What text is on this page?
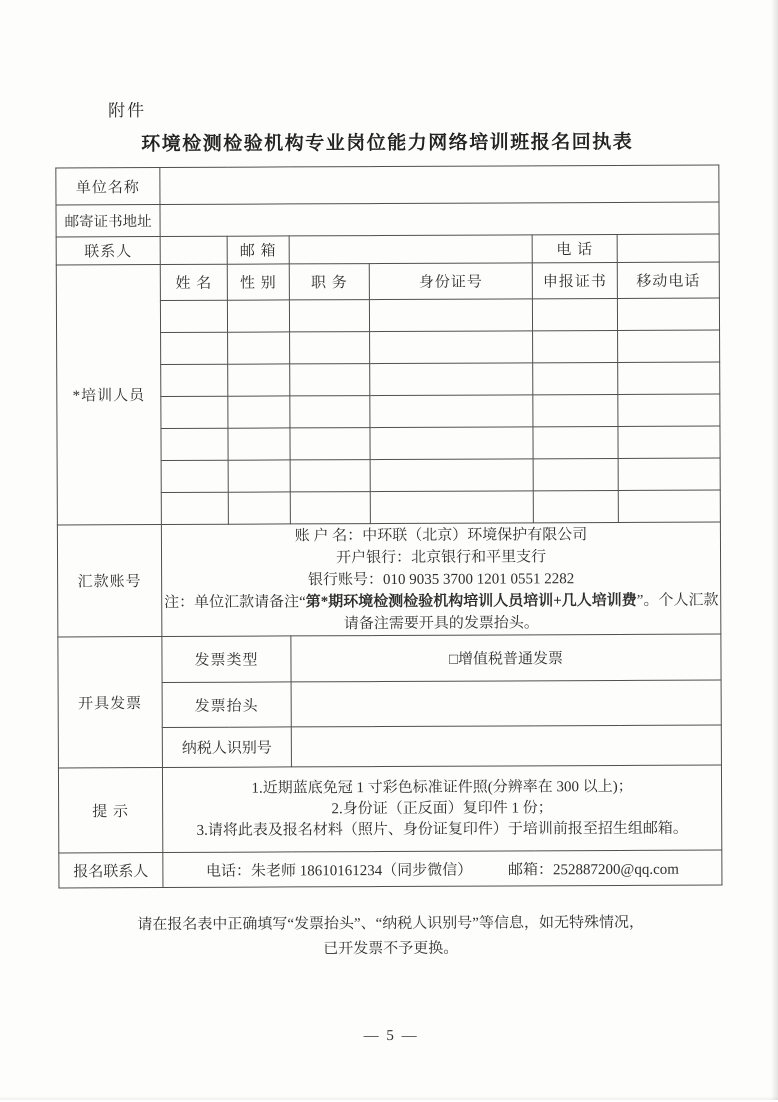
附件
环境检测检验机构专业岗位能力网络培训班报名回执表
单位名称						
邮寄证书地址						
联系人		邮 箱			电 话	
*培训人员	姓 名	性 别	职 务	身份证号	申报证书	移动电话

汇款账号	账 户 名：中环联（北京）环境保护有限公司
开户银行：北京银行和平里支行
银行账号：010 9035 3700 1201 0551 2282
注：单位汇款请备注“第*期环境检测检验机构培训人员培训+几人培训费”。个人汇款请备注需要开具的发票抬头。					

开具发票	发票类型		□增值税普通发票			
	发票抬头					
	纳税人识别号					
提 示	1.近期蓝底免冠 1 寸彩色标准证件照(分辨率在 300 以上)；
2.身份证（正反面）复印件 1 份；
3.请将此表及报名材料（照片、身份证复印件）于培训前报至招生组邮箱。					

报名联系人	电话：朱老师 18610161234（同步微信） 邮箱：252887200@qq.com					
请在报名表中正确填写“发票抬头”、“纳税人识别号”等信息，如无特殊情况，
已开发票不予更换。
— 5 —
